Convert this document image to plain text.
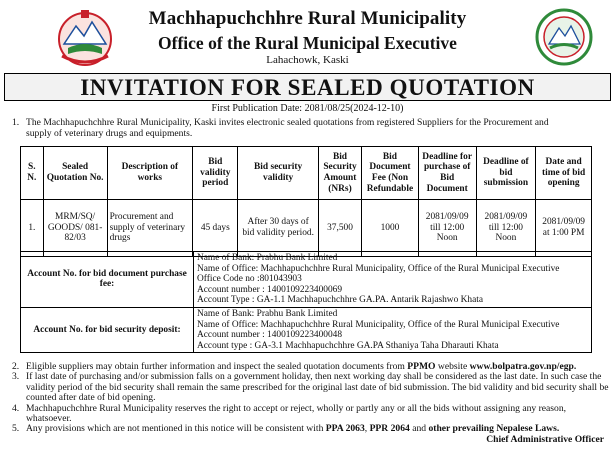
Machhapuchchhre Rural Municipality
Office of the Rural Municipal Executive
Lahachowk, Kaski
INVITATION FOR SEALED QUOTATION
First Publication Date: 2081/08/25(2024-12-10)
1. The Machhapuchchhre Rural Municipality, Kaski invites electronic sealed quotations from registered Suppliers for the Procurement and
supply of veterinary drugs and equipments.
S. N.	Sealed Quotation No.	Description of works	Bid validity period	Bid security validity	Bid Security Amount (NRs)	Bid Document Fee (Non Refundable	Deadline for purchase of Bid Document	Deadline of bid submission	Date and time of bid opening
1.	MRM/SQ/ GOODS/ 081-82/03	Procurement and supply of veterinary drugs	45 days	After 30 days of bid validity period.	37,500	1000	2081/09/09 till 12:00 Noon	2081/09/09 till 12:00 Noon	2081/09/09 at 1:00 PM
Account No. for bid document purchase fee:	Name of Bank: Prabhu Bank Limited
Name of Office: Machhapuchchhre Rural Municipality, Office of the Rural Municipal Executive
Office Code no :801043903
Account number : 1400109223400069
Account Type : GA-1.1 Machhapuchchhre GA.PA. Antarik Rajashwo Khata

Account No. for bid security deposit:	Name of Bank: Prabhu Bank Limited
Name of Office: Machhapuchchhre Rural Municipality, Office of the Rural Municipal Executive
Account number : 1400109223400048
Account type : GA-3.1 Machhapuchchhre GA.PA Sthaniya Taha Dharauti Khata
2. Eligible suppliers may obtain further information and inspect the sealed quotation documents from PPMO website www.bolpatra.gov.np/egp.
3. If last date of purchasing and/or submission falls on a government holiday, then next working day shall be considered as the last date. In such case the validity period of the bid security shall remain the same prescribed for the original last date of bid submission. The bid validity and bid security shall be counted after date of bid opening.
4. Machhapuchchhre Rural Municipality reserves the right to accept or reject, wholly or partly any or all the bids without assigning any reason, whatsoever.
5. Any provisions which are not mentioned in this notice will be consistent with PPA 2063, PPR 2064 and other prevailing Nepalese Laws.
Chief Administrative Officer
